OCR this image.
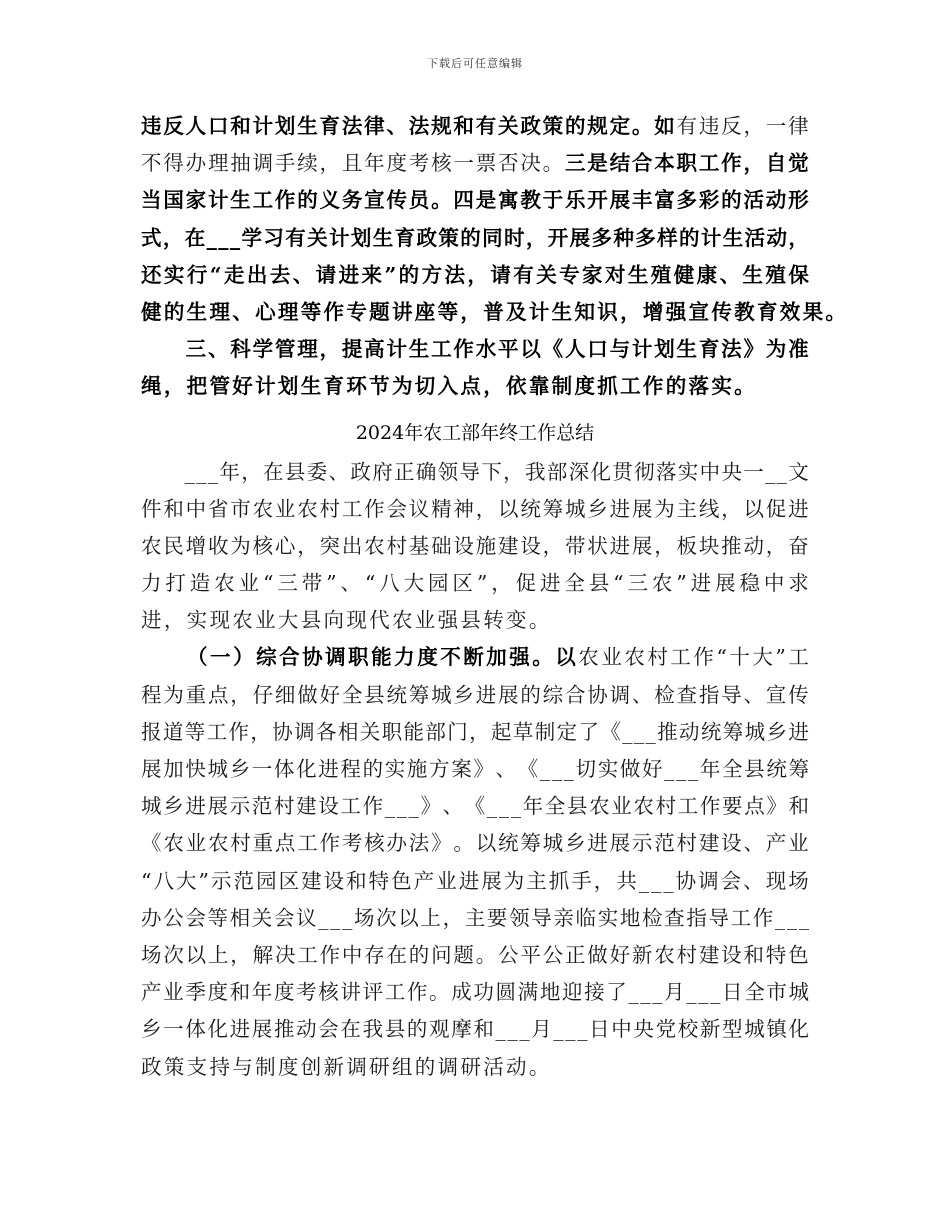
下载后可任意编辑
违 反 人 口 和 计 划 生 育 法 律 、 法 规 和 有 关 政 策 的 规 定 。 如 有 违 反 ， 一 律
不 得 办 理 抽 调 手 续 ， 且 年 度 考 核 一 票 否 决 。 三 是 结 合 本 职 工 作 ， 自 觉
当 国 家 计 生 工 作 的 义 务 宣 传 员 。 四 是 寓 教 于 乐 开 展 丰 富 多 彩 的 活 动 形
式 ， 在 _ _ _ 学 习 有 关 计 划 生 育 政 策 的 同 时 ， 开 展 多 种 多 样 的 计 生 活 动 ，
还 实 行 “ 走 出 去 、 请 进 来 ” 的 方 法 ， 请 有 关 专 家 对 生 殖 健 康 、 生 殖 保
健 的 生 理 、 心 理 等 作 专 题 讲 座 等 ， 普 及 计 生 知 识 ， 增 强 宣 传 教 育 效 果 。

三 、 科 学 管 理 ， 提 高 计 生 工 作 水 平 以 《 人 口 与 计 划 生 育 法 》 为 准
绳 ， 把 管 好 计 划 生 育 环 节 为 切 入 点 ， 依 靠 制 度 抓 工 作 的 落 实 。
2024年农工部年终工作总结

_ _ _ 年 ， 在 县 委 、 政 府 正 确 领 导 下 ， 我 部 深 化 贯 彻 落 实 中 央 一 _ _ 文
件 和 中 省 市 农 业 农 村 工 作 会 议 精 神 ， 以 统 筹 城 乡 进 展 为 主 线 ， 以 促 进
农 民 增 收 为 核 心 ， 突 出 农 村 基 础 设 施 建 设 ， 带 状 进 展 ， 板 块 推 动 ， 奋
力 打 造 农 业 “ 三 带 ” 、 “ 八 大 园 区 ” ， 促 进 全 县 “ 三 农 ” 进 展 稳 中 求
进 ， 实 现 农 业 大 县 向 现 代 农 业 强 县 转 变 。

（ 一 ） 综 合 协 调 职 能 力 度 不 断 加 强 。 以 农 业 农 村 工 作 “ 十 大 ” 工
程 为 重 点 ， 仔 细 做 好 全 县 统 筹 城 乡 进 展 的 综 合 协 调 、 检 查 指 导 、 宣 传
报 道 等 工 作 ， 协 调 各 相 关 职 能 部 门 ， 起 草 制 定 了 《 _ _ _ 推 动 统 筹 城 乡 进
展 加 快 城 乡 一 体 化 进 程 的 实 施 方 案 》 、 《 _ _ _ 切 实 做 好 _ _ _ 年 全 县 统 筹
城 乡 进 展 示 范 村 建 设 工 作 _ _ _ 》 、 《 _ _ _ 年 全 县 农 业 农 村 工 作 要 点 》 和
《 农 业 农 村 重 点 工 作 考 核 办 法 》 。 以 统 筹 城 乡 进 展 示 范 村 建 设 、 产 业
“ 八 大 ” 示 范 园 区 建 设 和 特 色 产 业 进 展 为 主 抓 手 ， 共 _ _ _ 协 调 会 、 现 场
办 公 会 等 相 关 会 议 _ _ _ 场 次 以 上 ， 主 要 领 导 亲 临 实 地 检 查 指 导 工 作 _ _ _
场 次 以 上 ， 解 决 工 作 中 存 在 的 问 题 。 公 平 公 正 做 好 新 农 村 建 设 和 特 色
产 业 季 度 和 年 度 考 核 讲 评 工 作 。 成 功 圆 满 地 迎 接 了 _ _ _ 月 _ _ _ 日 全 市 城
乡 一 体 化 进 展 推 动 会 在 我 县 的 观 摩 和 _ _ _ 月 _ _ _ 日 中 央 党 校 新 型 城 镇 化
政 策 支 持 与 制 度 创 新 调 研 组 的 调 研 活 动 。
